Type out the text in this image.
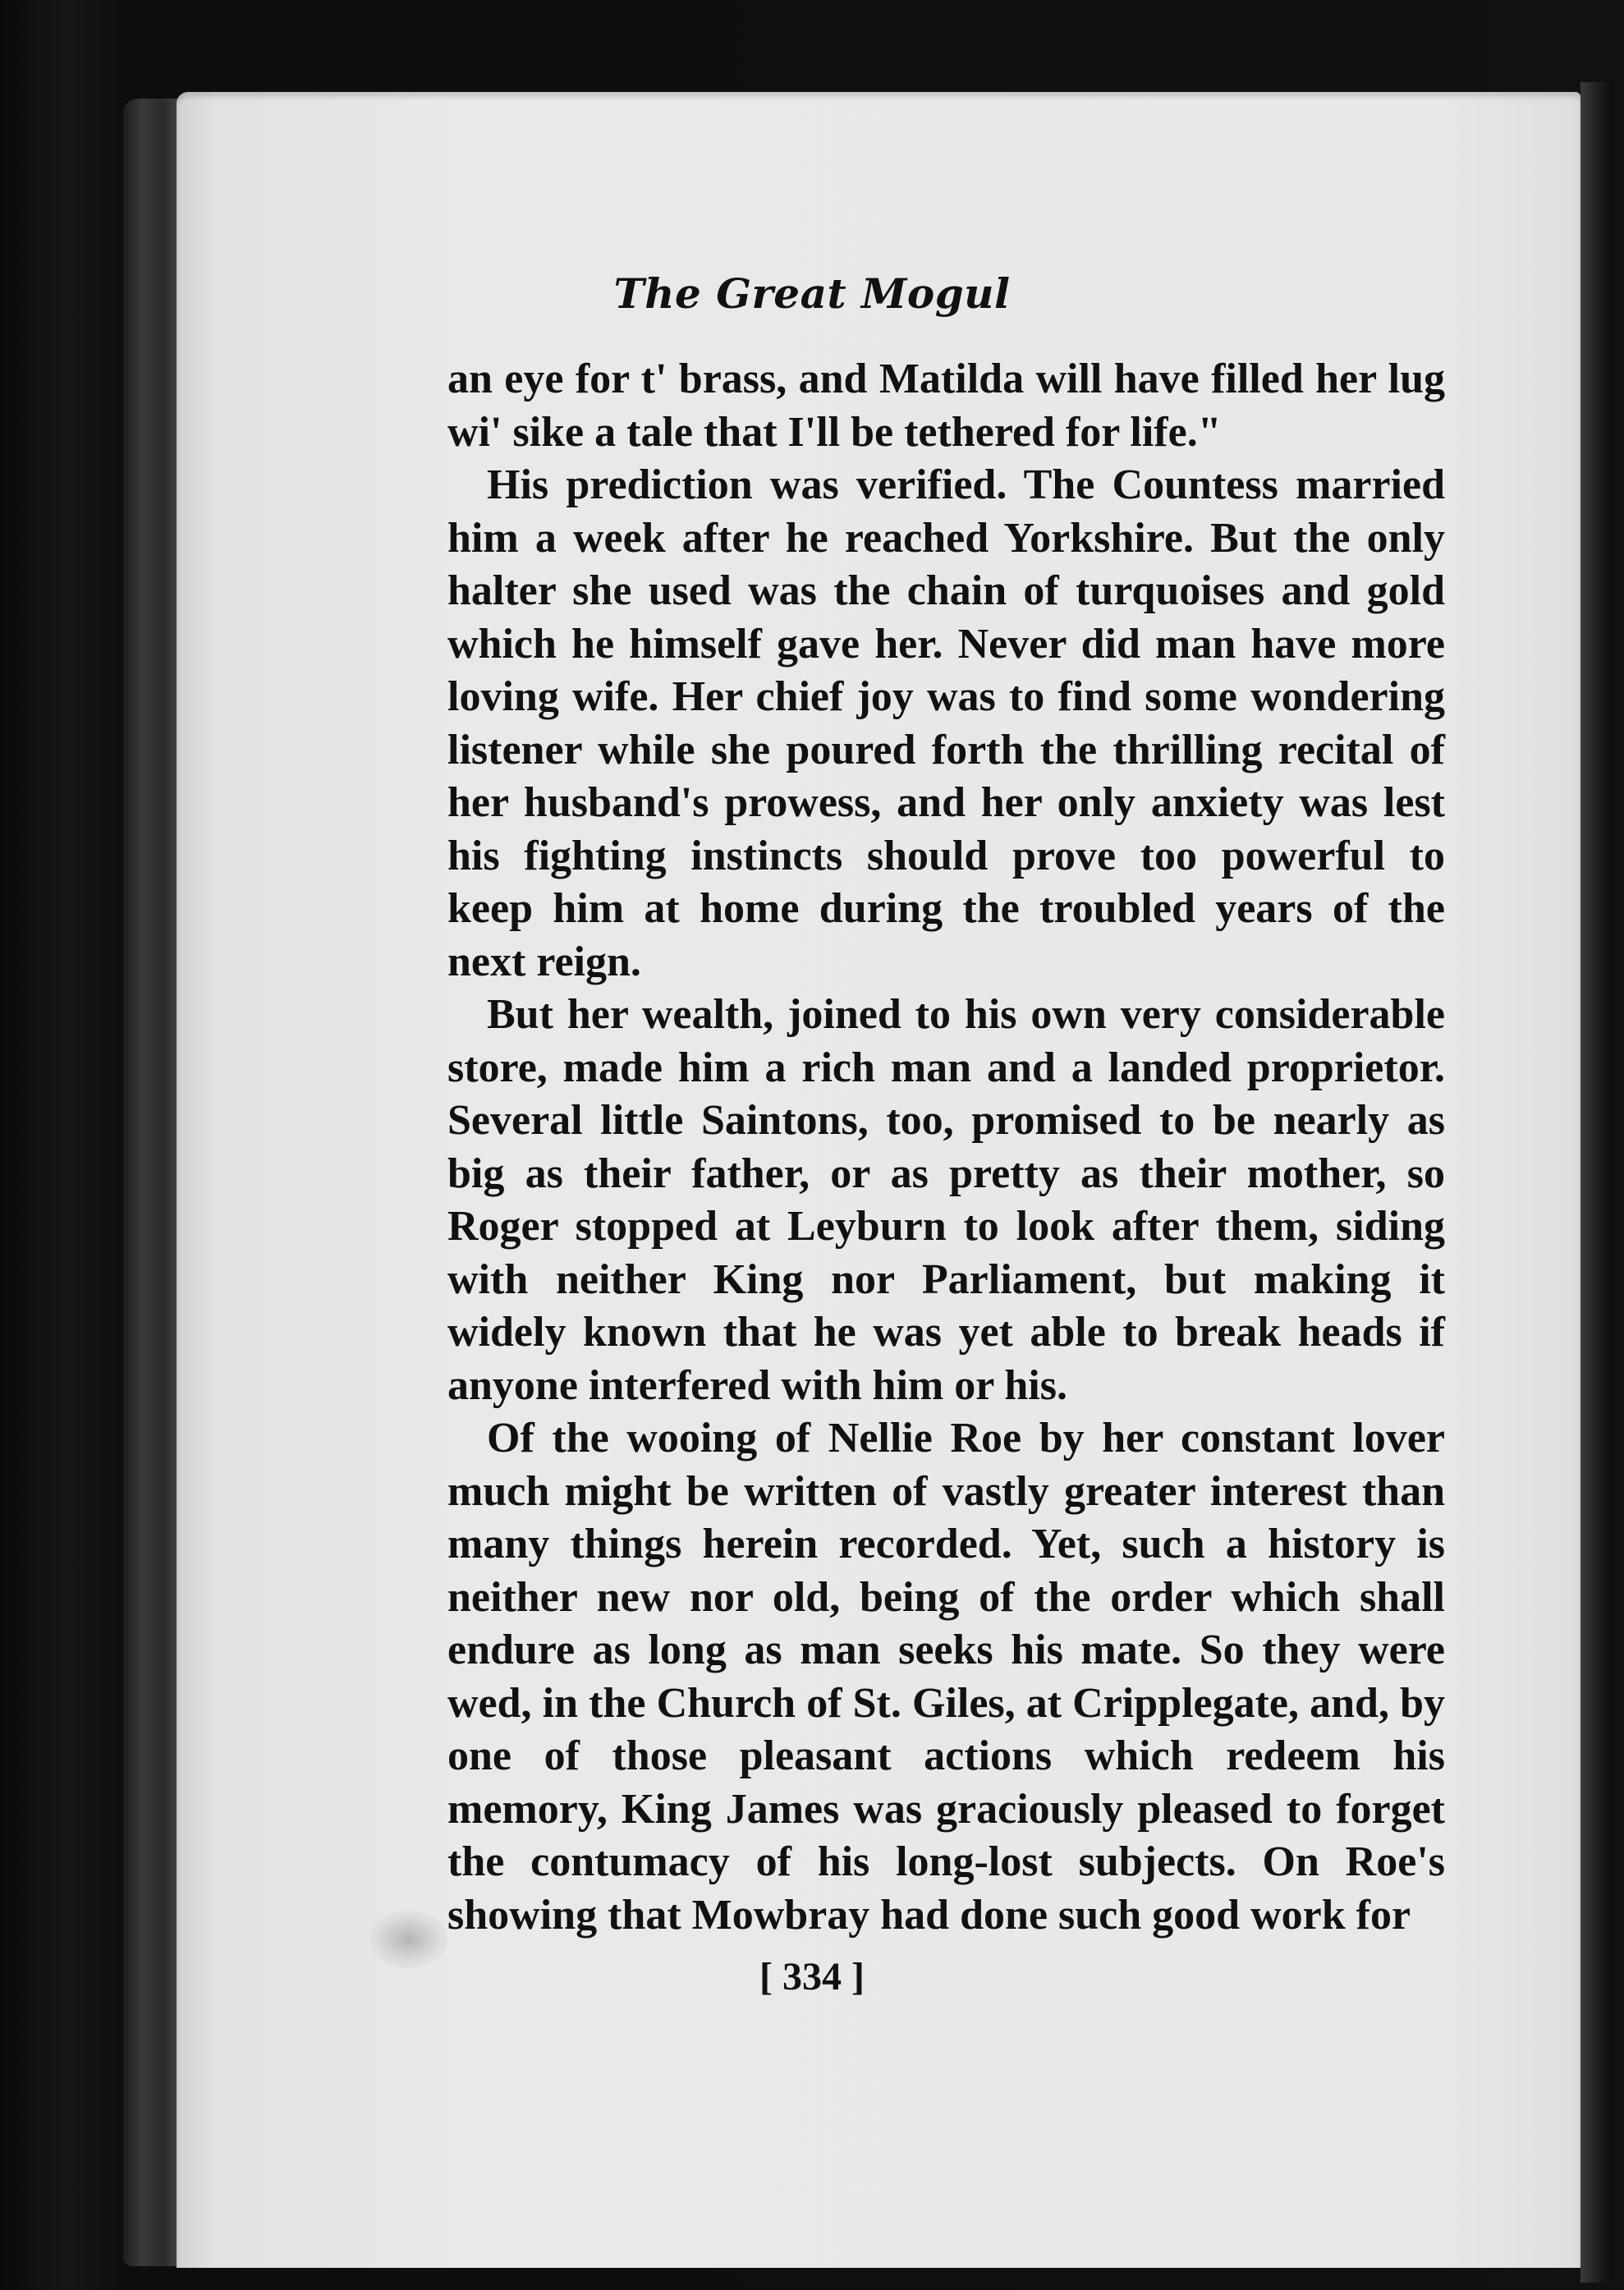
The Great Mogul

an eye for t' brass, and Matilda will have filled her lug wi' sike a tale that I'll be tethered for life."

His prediction was verified. The Countess married him a week after he reached Yorkshire. But the only halter she used was the chain of turquoises and gold which he himself gave her. Never did man have more loving wife. Her chief joy was to find some wondering listener while she poured forth the thrilling recital of her husband's prowess, and her only anxiety was lest his fighting instincts should prove too powerful to keep him at home during the troubled years of the next reign.

But her wealth, joined to his own very considerable store, made him a rich man and a landed proprietor. Several little Saintons, too, promised to be nearly as big as their father, or as pretty as their mother, so Roger stopped at Leyburn to look after them, siding with neither King nor Parliament, but making it widely known that he was yet able to break heads if anyone interfered with him or his.

Of the wooing of Nellie Roe by her constant lover much might be written of vastly greater interest than many things herein recorded. Yet, such a history is neither new nor old, being of the order which shall endure as long as man seeks his mate. So they were wed, in the Church of St. Giles, at Cripplegate, and, by one of those pleasant actions which redeem his memory, King James was graciously pleased to forget the contumacy of his long-lost subjects. On Roe's showing that Mowbray had done such good work for

[ 334 ]
